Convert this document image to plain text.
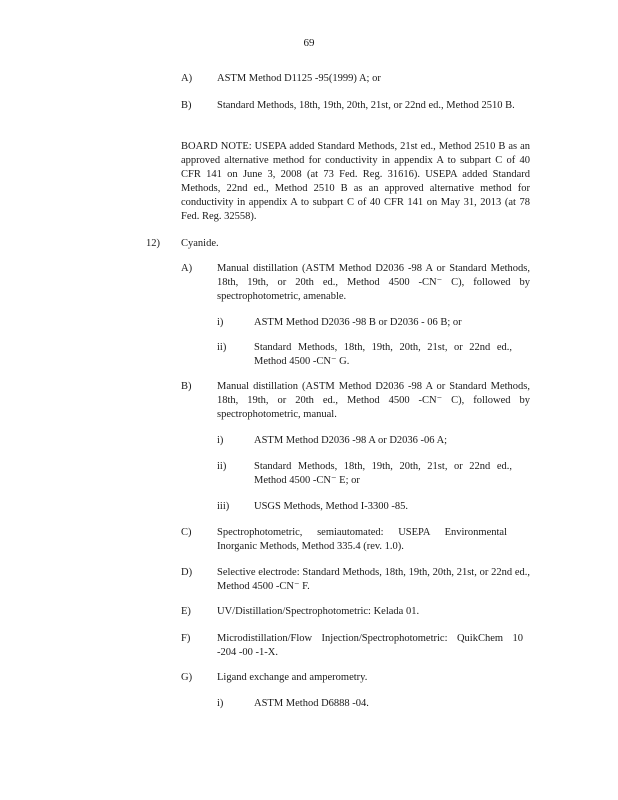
69
A) ASTM Method D1125 -95(1999) A; or
B) Standard Methods, 18th, 19th, 20th, 21st, or 22nd ed., Method 2510 B.
BOARD NOTE: USEPA added Standard Methods, 21st ed., Method 2510 B as an approved alternative method for conductivity in appendix A to subpart C of 40 CFR 141 on June 3, 2008 (at 73 Fed. Reg. 31616). USEPA added Standard Methods, 22nd ed., Method 2510 B as an approved alternative method for conductivity in appendix A to subpart C of 40 CFR 141 on May 31, 2013 (at 78 Fed. Reg. 32558).
12) Cyanide.
A) Manual distillation (ASTM Method D2036 -98 A or Standard Methods, 18th, 19th, or 20th ed., Method 4500 -CN⁻ C), followed by spectrophotometric, amenable.
i)	ASTM Method D2036 -98 B or D2036 - 06 B; or
ii)	Standard Methods, 18th, 19th, 20th, 21st, or 22nd ed., Method 4500 -CN⁻ G.
B) Manual distillation (ASTM Method D2036 -98 A or Standard Methods, 18th, 19th, or 20th ed., Method 4500 -CN⁻ C), followed by spectrophotometric, manual.
i)	ASTM Method D2036 -98 A or D2036 -06 A;
ii)	Standard Methods, 18th, 19th, 20th, 21st, or 22nd ed., Method 4500 -CN⁻ E; or
iii) USGS Methods, Method I-3300 -85.
C) Spectrophotometric, semiautomated: USEPA Environmental Inorganic Methods, Method 335.4 (rev. 1.0).
D) Selective electrode: Standard Methods, 18th, 19th, 20th, 21st, or 22nd ed., Method 4500 -CN⁻ F.
E) UV/Distillation/Spectrophotometric: Kelada 01.
F)	Microdistillation/Flow Injection/Spectrophotometric: QuikChem 10 -204 -00 -1-X.
G) Ligand exchange and amperometry.
i)	ASTM Method D6888 -04.
